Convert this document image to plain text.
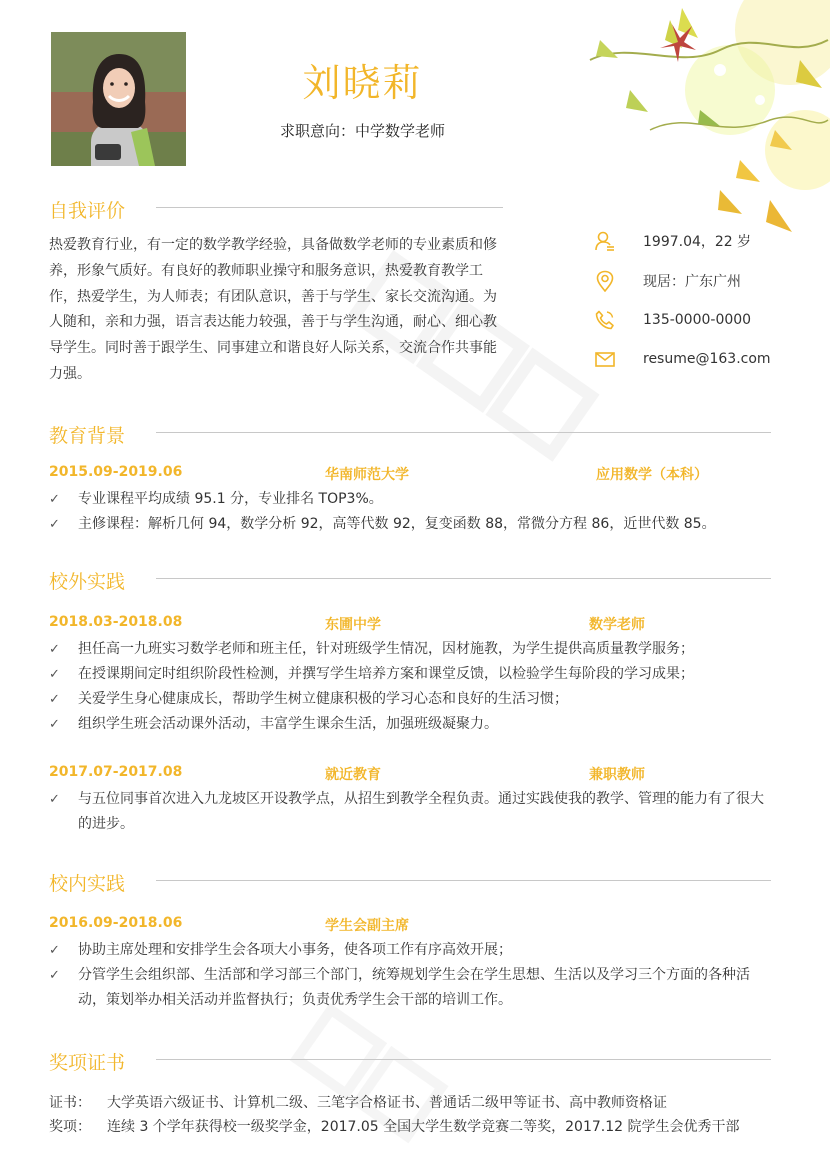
刘晓莉
求职意向：中学数学老师
自我评价
热爱教育行业，有一定的数学教学经验，具备做数学老师的专业素质和修养，形象气质好。有良好的教师职业操守和服务意识，热爱教育教学工作，热爱学生，为人师表；有团队意识，善于与学生、家长交流沟通。为人随和，亲和力强，语言表达能力较强，善于与学生沟通，耐心、细心教导学生。同时善于跟学生、同事建立和谐良好人际关系，交流合作共事能力强。
1997.04，22 岁
现居：广东广州
135-0000-0000
resume@163.com
教育背景
2015.09-2019.06	华南师范大学	应用数学（本科）
✓	专业课程平均成绩 95.1 分，专业排名 TOP3%。
✓	主修课程：解析几何 94，数学分析 92，高等代数 92，复变函数 88，常微分方程 86，近世代数 85。
校外实践
2018.03-2018.08	东圃中学	数学老师
✓	担任高一九班实习数学老师和班主任，针对班级学生情况，因材施教，为学生提供高质量教学服务；
✓	在授课期间定时组织阶段性检测，并撰写学生培养方案和课堂反馈，以检验学生每阶段的学习成果；
✓	关爱学生身心健康成长，帮助学生树立健康积极的学习心态和良好的生活习惯；
✓	组织学生班会活动课外活动，丰富学生课余生活，加强班级凝聚力。
2017.07-2017.08	就近教育	兼职教师
✓	与五位同事首次进入九龙坡区开设教学点，从招生到教学全程负责。通过实践使我的教学、管理的能力有了很大的进步。
校内实践
2016.09-2018.06	学生会副主席
✓	协助主席处理和安排学生会各项大小事务，使各项工作有序高效开展；
✓	分管学生会组织部、生活部和学习部三个部门，统筹规划学生会在学生思想、生活以及学习三个方面的各种活动，策划举办相关活动并监督执行；负责优秀学生会干部的培训工作。
奖项证书
证书： 大学英语六级证书、计算机二级、三笔字合格证书、普通话二级甲等证书、高中教师资格证
奖项： 连续 3 个学年获得校一级奖学金，2017.05 全国大学生数学竞赛二等奖，2017.12 院学生会优秀干部
